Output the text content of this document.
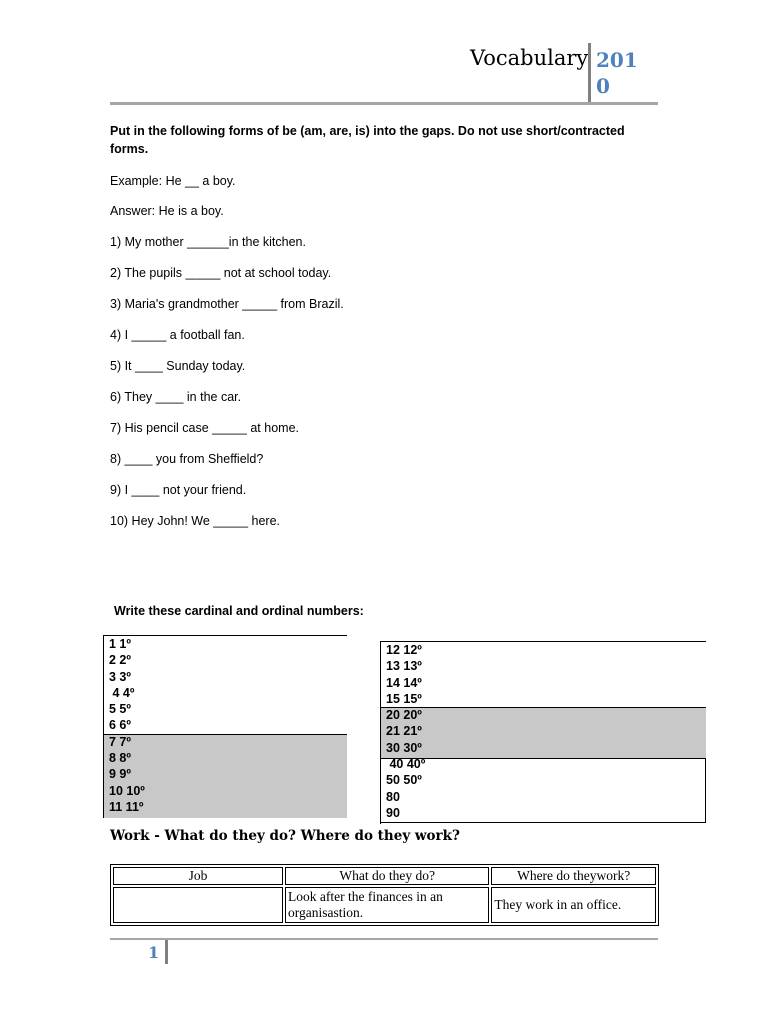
Vocabulary 2010
Put in the following forms of be (am, are, is) into the gaps. Do not use short/contracted forms.
Example: He __ a boy.
Answer: He is a boy.
1) My mother ______in the kitchen.
2) The pupils _____ not at school today.
3) Maria's grandmother _____ from Brazil.
4) I _____ a football fan.
5) It ____ Sunday today.
6) They ____ in the car.
7) His pencil case _____ at home.
8) ____ you from Sheffield?
9) I ____ not your friend.
10) Hey John! We _____ here.
Write these cardinal and ordinal numbers:
1 1º
2 2º
3 3º
4 4º
5 5º
6 6º
7 7º
8 8º
9 9º
10 10º
11 11º
12 12º
13 13º
14 14º
15 15º
20 20º
21 21º
30 30º
40 40º
50 50º
80
90
Work - What do they do? Where do they work?
Job	What do they do?	Where do theywork?
	Look after the finances in an organisastion.	They work in an office.
1
